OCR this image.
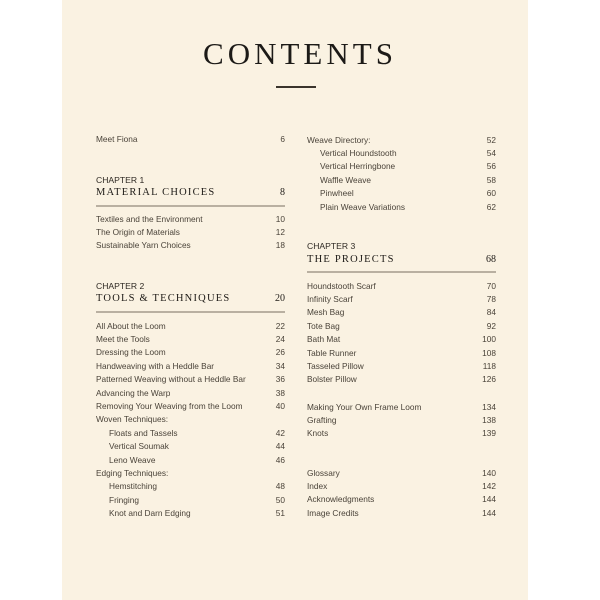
CONTENTS
Meet Fiona	6
CHAPTER 1
MATERIAL CHOICES	8
Textiles and the Environment	10
The Origin of Materials	12
Sustainable Yarn Choices	18
CHAPTER 2
TOOLS & TECHNIQUES	20
All About the Loom	22
Meet the Tools	24
Dressing the Loom	26
Handweaving with a Heddle Bar	34
Patterned Weaving without a Heddle Bar	36
Advancing the Warp	38
Removing Your Weaving from the Loom	40
Woven Techniques:
Floats and Tassels	42
Vertical Soumak	44
Leno Weave	46
Edging Techniques:
Hemstitching	48
Fringing	50
Knot and Darn Edging	51
Weave Directory:	52
Vertical Houndstooth	54
Vertical Herringbone	56
Waffle Weave	58
Pinwheel	60
Plain Weave Variations	62
CHAPTER 3
THE PROJECTS	68
Houndstooth Scarf	70
Infinity Scarf	78
Mesh Bag	84
Tote Bag	92
Bath Mat	100
Table Runner	108
Tasseled Pillow	118
Bolster Pillow	126
Making Your Own Frame Loom	134
Grafting	138
Knots	139
Glossary	140
Index	142
Acknowledgments	144
Image Credits	144
